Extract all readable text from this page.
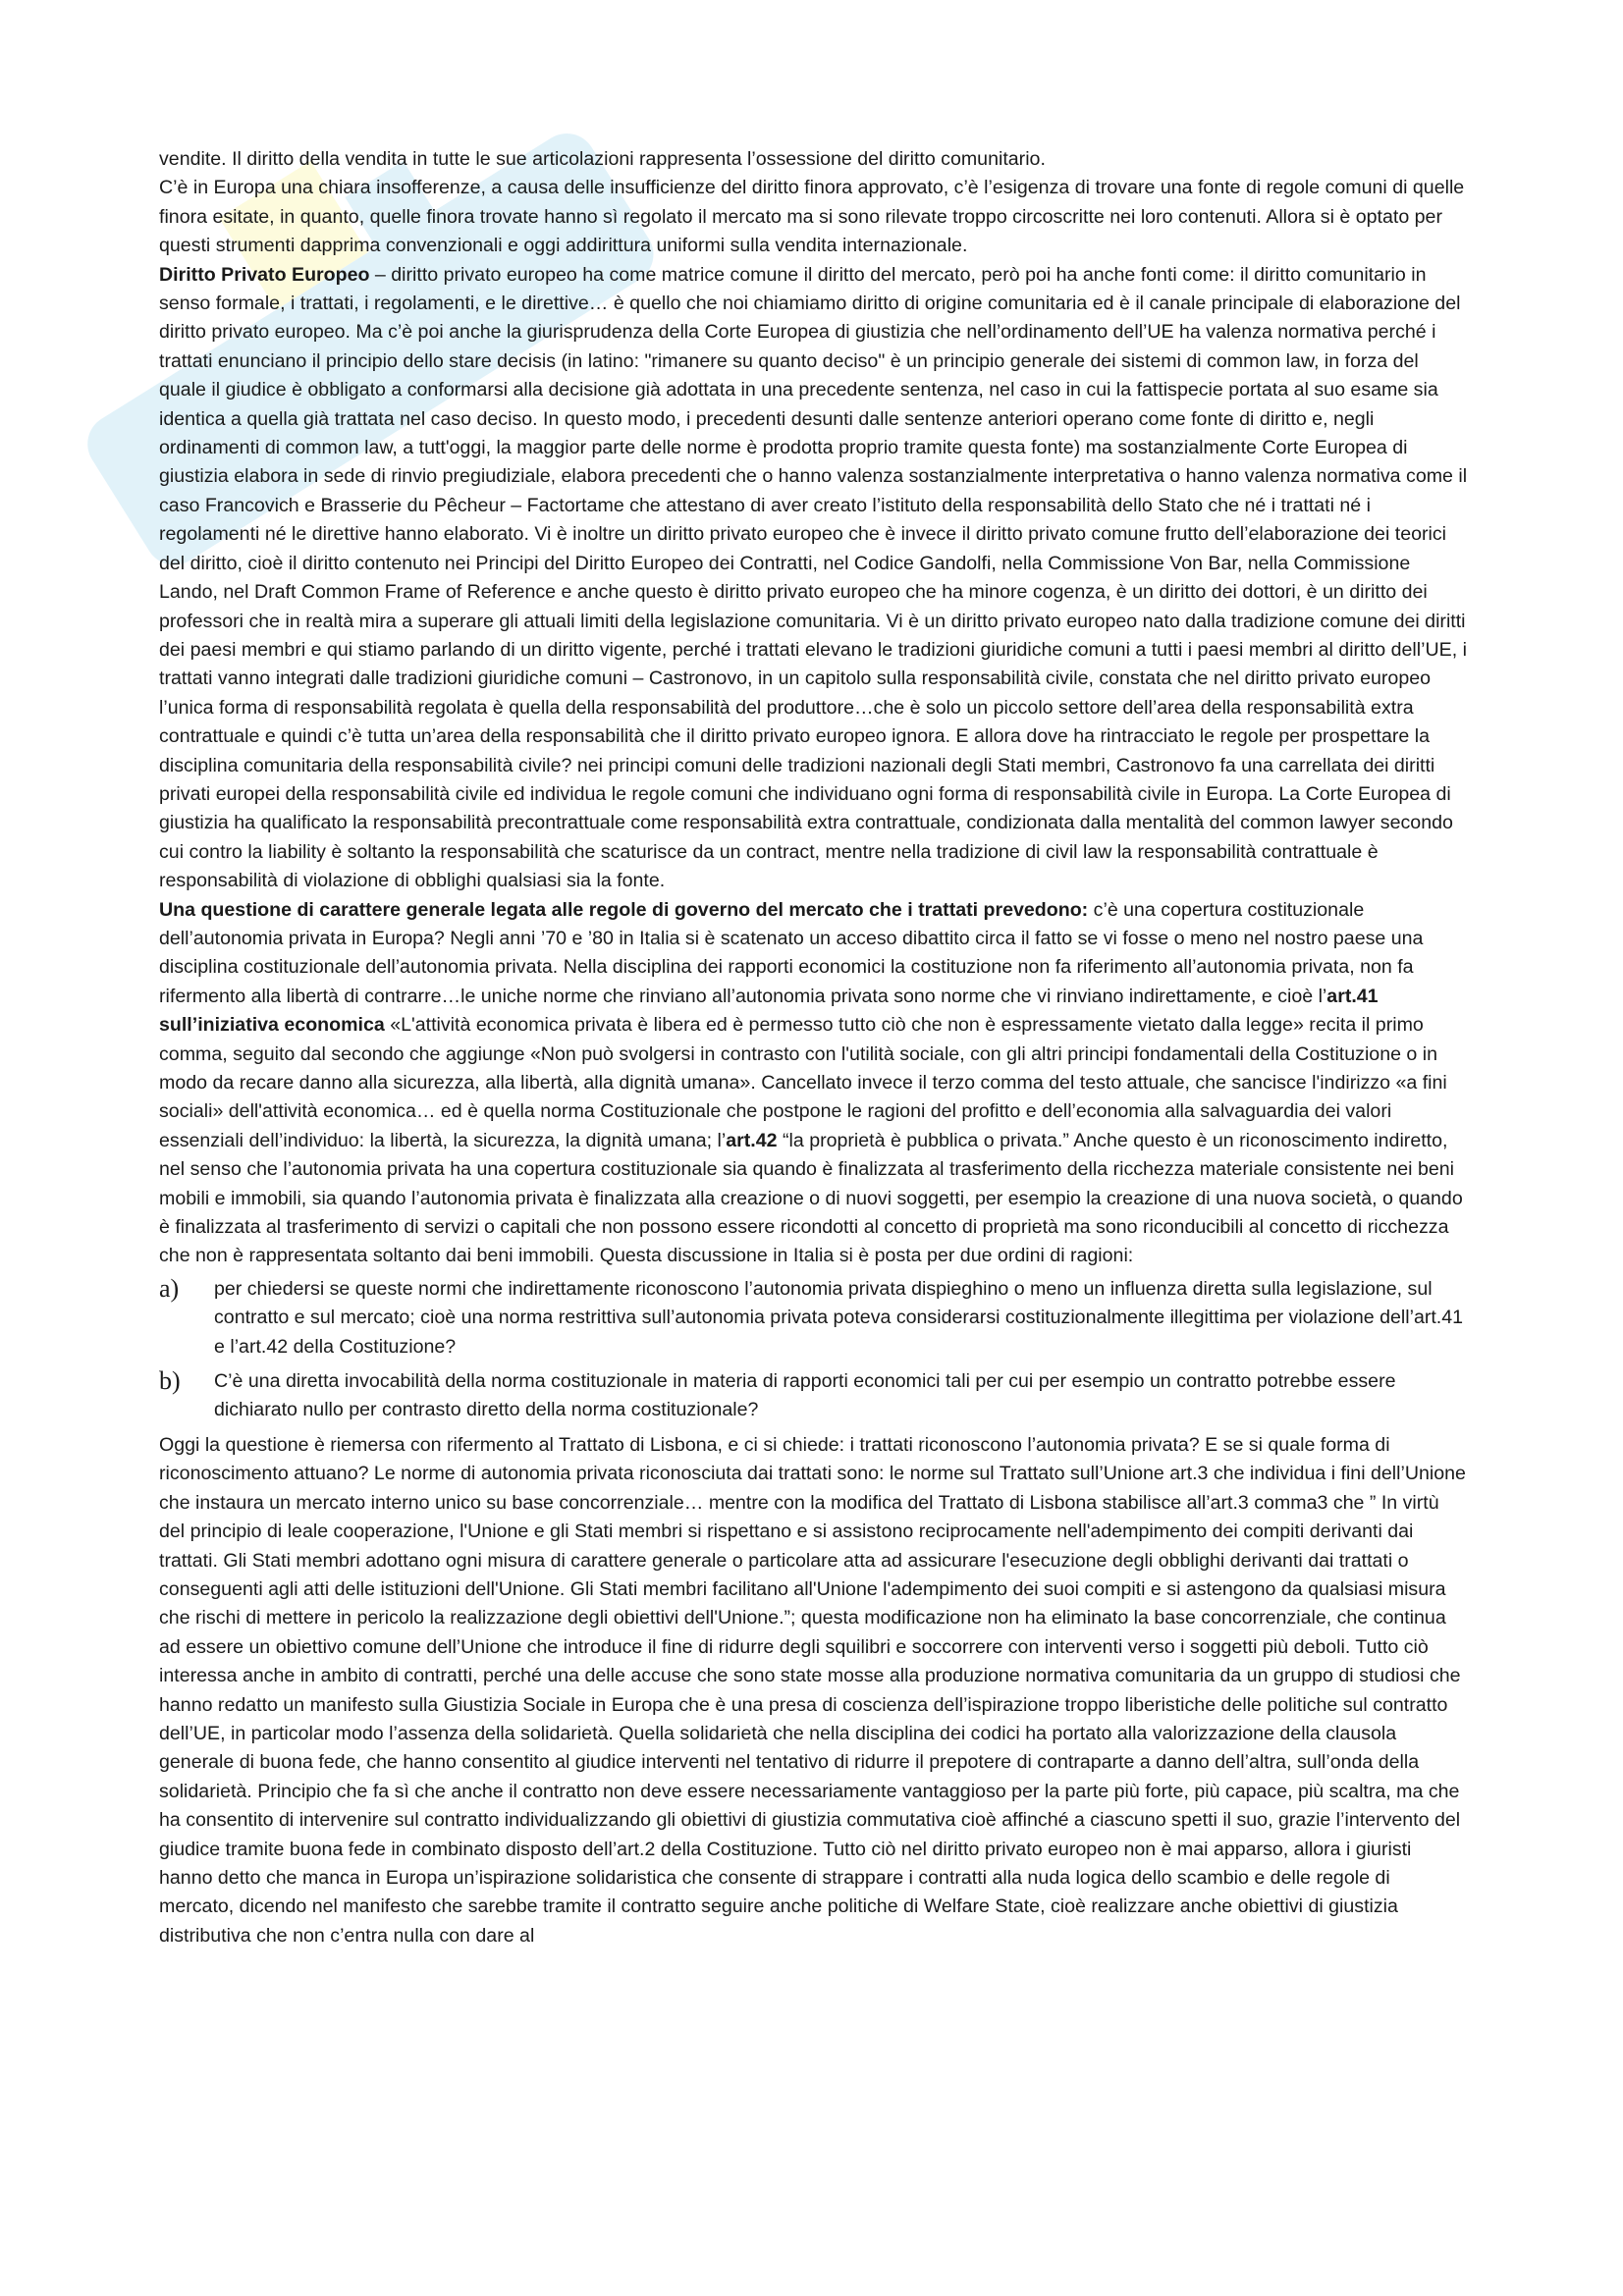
vendite. Il diritto della vendita in tutte le sue articolazioni rappresenta l’ossessione del diritto comunitario.

C’è in Europa una chiara insofferenze, a causa delle insufficienze del diritto finora approvato, c’è l’esigenza di trovare una fonte di regole comuni di quelle finora esitate, in quanto, quelle finora trovate hanno sì regolato il mercato ma si sono rilevate troppo circoscritte nei loro contenuti. Allora si è optato per questi strumenti dapprima convenzionali e oggi addirittura uniformi sulla vendita internazionale.

Diritto Privato Europeo – diritto privato europeo ha come matrice comune il diritto del mercato, però poi ha anche fonti come: il diritto comunitario in senso formale, i trattati, i regolamenti, e le direttive… è quello che noi chiamiamo diritto di origine comunitaria ed è il canale principale di elaborazione del diritto privato europeo. Ma c’è poi anche la giurisprudenza della Corte Europea di giustizia che nell’ordinamento dell’UE ha valenza normativa perché i trattati enunciano il principio dello stare decisis (in latino: "rimanere su quanto deciso" è un principio generale dei sistemi di common law, in forza del quale il giudice è obbligato a conformarsi alla decisione già adottata in una precedente sentenza, nel caso in cui la fattispecie portata al suo esame sia identica a quella già trattata nel caso deciso. In questo modo, i precedenti desunti dalle sentenze anteriori operano come fonte di diritto e, negli ordinamenti di common law, a tutt'oggi, la maggior parte delle norme è prodotta proprio tramite questa fonte) ma sostanzialmente Corte Europea di giustizia elabora in sede di rinvio pregiudiziale, elabora precedenti che o hanno valenza sostanzialmente interpretativa o hanno valenza normativa come il caso Francovich e Brasserie du Pêcheur – Factortame che attestano di aver creato l’istituto della responsabilità dello Stato che né i trattati né i regolamenti né le direttive hanno elaborato. Vi è inoltre un diritto privato europeo che è invece il diritto privato comune frutto dell’elaborazione dei teorici del diritto, cioè il diritto contenuto nei Principi del Diritto Europeo dei Contratti, nel Codice Gandolfi, nella Commissione Von Bar, nella Commissione Lando, nel Draft Common Frame of Reference e anche questo è diritto privato europeo che ha minore cogenza, è un diritto dei dottori, è un diritto dei professori che in realtà mira a superare gli attuali limiti della legislazione comunitaria. Vi è un diritto privato europeo nato dalla tradizione comune dei diritti dei paesi membri e qui stiamo parlando di un diritto vigente, perché i trattati elevano le tradizioni giuridiche comuni a tutti i paesi membri al diritto dell’UE, i trattati vanno integrati dalle tradizioni giuridiche comuni – Castronovo, in un capitolo sulla responsabilità civile, constata che nel diritto privato europeo l’unica forma di responsabilità regolata è quella della responsabilità del produttore…che è solo un piccolo settore dell’area della responsabilità extra contrattuale e quindi c’è tutta un’area della responsabilità che il diritto privato europeo ignora. E allora dove ha rintracciato le regole per prospettare la disciplina comunitaria della responsabilità civile? nei principi comuni delle tradizioni nazionali degli Stati membri, Castronovo fa una carrellata dei diritti privati europei della responsabilità civile ed individua le regole comuni che individuano ogni forma di responsabilità civile in Europa. La Corte Europea di giustizia ha qualificato la responsabilità precontrattuale come responsabilità extra contrattuale, condizionata dalla mentalità del common lawyer secondo cui contro la liability è soltanto la responsabilità che scaturisce da un contract, mentre nella tradizione di civil law la responsabilità contrattuale è responsabilità di violazione di obblighi qualsiasi sia la fonte.

Una questione di carattere generale legata alle regole di governo del mercato che i trattati prevedono: c’è una copertura costituzionale dell’autonomia privata in Europa? Negli anni ’70 e ’80 in Italia si è scatenato un acceso dibattito circa il fatto se vi fosse o meno nel nostro paese una disciplina costituzionale dell’autonomia privata. Nella disciplina dei rapporti economici la costituzione non fa riferimento all’autonomia privata, non fa rifermento alla libertà di contrarre…le uniche norme che rinviano all’autonomia privata sono norme che vi rinviano indirettamente, e cioè l’art.41 sull’iniziativa economica «L'attività economica privata è libera ed è permesso tutto ciò che non è espressamente vietato dalla legge» recita il primo comma, seguito dal secondo che aggiunge «Non può svolgersi in contrasto con l'utilità sociale, con gli altri principi fondamentali della Costituzione o in modo da recare danno alla sicurezza, alla libertà, alla dignità umana». Cancellato invece il terzo comma del testo attuale, che sancisce l'indirizzo «a fini sociali» dell'attività economica… ed è quella norma Costituzionale che postpone le ragioni del profitto e dell’economia alla salvaguardia dei valori essenziali dell’individuo: la libertà, la sicurezza, la dignità umana; l’art.42 “la proprietà è pubblica o privata.” Anche questo è un riconoscimento indiretto, nel senso che l’autonomia privata ha una copertura costituzionale sia quando è finalizzata al trasferimento della ricchezza materiale consistente nei beni mobili e immobili, sia quando l’autonomia privata è finalizzata alla creazione o di nuovi soggetti, per esempio la creazione di una nuova società, o quando è finalizzata al trasferimento di servizi o capitali che non possono essere ricondotti al concetto di proprietà ma sono riconducibili al concetto di ricchezza che non è rappresentata soltanto dai beni immobili. Questa discussione in Italia si è posta per due ordini di ragioni:

a) per chiedersi se queste normi che indirettamente riconoscono l’autonomia privata dispieghino o meno un influenza diretta sulla legislazione, sul contratto e sul mercato; cioè una norma restrittiva sull’autonomia privata poteva considerarsi costituzionalmente illegittima per violazione dell’art.41 e l’art.42 della Costituzione?
b) C’è una diretta invocabilità della norma costituzionale in materia di rapporti economici tali per cui per esempio un contratto potrebbe essere dichiarato nullo per contrasto diretto della norma costituzionale?

Oggi la questione è riemersa con rifermento al Trattato di Lisbona, e ci si chiede: i trattati riconoscono l’autonomia privata? E se si quale forma di riconoscimento attuano? Le norme di autonomia privata riconosciuta dai trattati sono: le norme sul Trattato sull’Unione art.3 che individua i fini dell’Unione che instaura un mercato interno unico su base concorrenziale… mentre con la modifica del Trattato di Lisbona stabilisce all’art.3 comma3 che ” In virtù del principio di leale cooperazione, l'Unione e gli Stati membri si rispettano e si assistono reciprocamente nell'adempimento dei compiti derivanti dai trattati. Gli Stati membri adottano ogni misura di carattere generale o particolare atta ad assicurare l'esecuzione degli obblighi derivanti dai trattati o conseguenti agli atti delle istituzioni dell'Unione. Gli Stati membri facilitano all'Unione l'adempimento dei suoi compiti e si astengono da qualsiasi misura che rischi di mettere in pericolo la realizzazione degli obiettivi dell'Unione.”; questa modificazione non ha eliminato la base concorrenziale, che continua ad essere un obiettivo comune dell’Unione che introduce il fine di ridurre degli squilibri e soccorrere con interventi verso i soggetti più deboli. Tutto ciò interessa anche in ambito di contratti, perché una delle accuse che sono state mosse alla produzione normativa comunitaria da un gruppo di studiosi che hanno redatto un manifesto sulla Giustizia Sociale in Europa che è una presa di coscienza dell’ispirazione troppo liberistiche delle politiche sul contratto dell’UE, in particolar modo l’assenza della solidarietà. Quella solidarietà che nella disciplina dei codici ha portato alla valorizzazione della clausola generale di buona fede, che hanno consentito al giudice interventi nel tentativo di ridurre il prepotere di contraparte a danno dell’altra, sull’onda della solidarietà. Principio che fa sì che anche il contratto non deve essere necessariamente vantaggioso per la parte più forte, più capace, più scaltra, ma che ha consentito di intervenire sul contratto individualizzando gli obiettivi di giustizia commutativa cioè affinché a ciascuno spetti il suo, grazie l’intervento del giudice tramite buona fede in combinato disposto dell’art.2 della Costituzione. Tutto ciò nel diritto privato europeo non è mai apparso, allora i giuristi hanno detto che manca in Europa un’ispirazione solidaristica che consente di strappare i contratti alla nuda logica dello scambio e delle regole di mercato, dicendo nel manifesto che sarebbe tramite il contratto seguire anche politiche di Welfare State, cioè realizzare anche obiettivi di giustizia distributiva che non c’entra nulla con dare al
